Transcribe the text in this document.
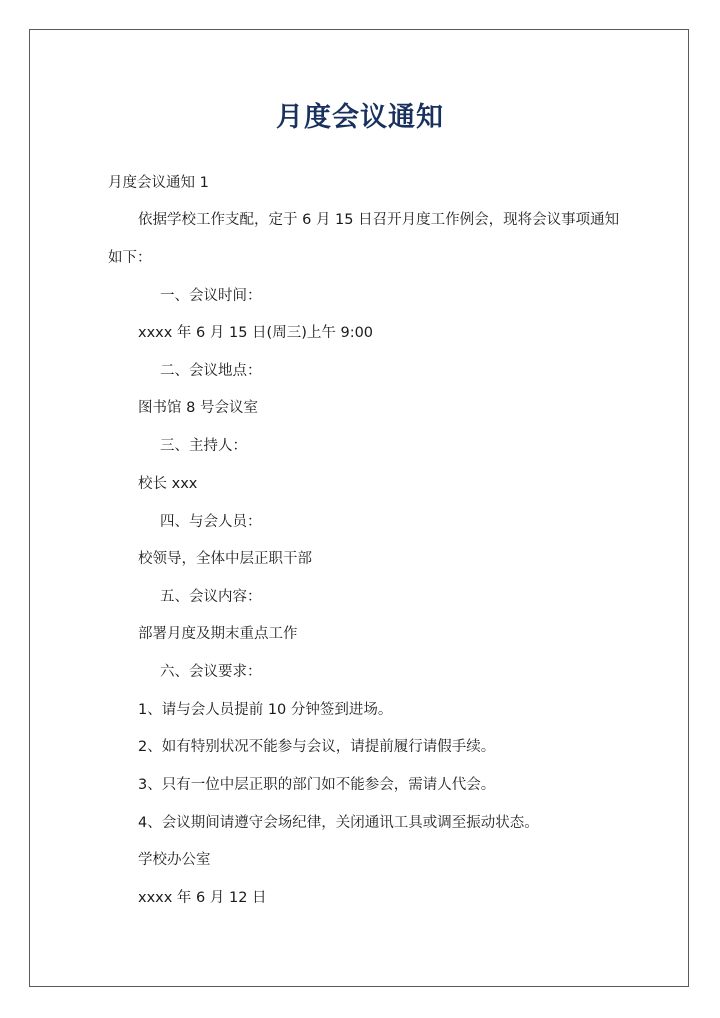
月度会议通知

月度会议通知 1

依据学校工作支配，定于 6 月 15 日召开月度工作例会，现将会议事项通知

如下：

一、会议时间：

xxxx 年 6 月 15 日(周三)上午 9:00

二、会议地点：

图书馆 8 号会议室

三、主持人：

校长 xxx

四、与会人员：

校领导，全体中层正职干部

五、会议内容：

部署月度及期末重点工作

六、会议要求：

1、请与会人员提前 10 分钟签到进场。

2、如有特别状况不能参与会议，请提前履行请假手续。

3、只有一位中层正职的部门如不能参会，需请人代会。

4、会议期间请遵守会场纪律，关闭通讯工具或调至振动状态。

学校办公室

xxxx 年 6 月 12 日
